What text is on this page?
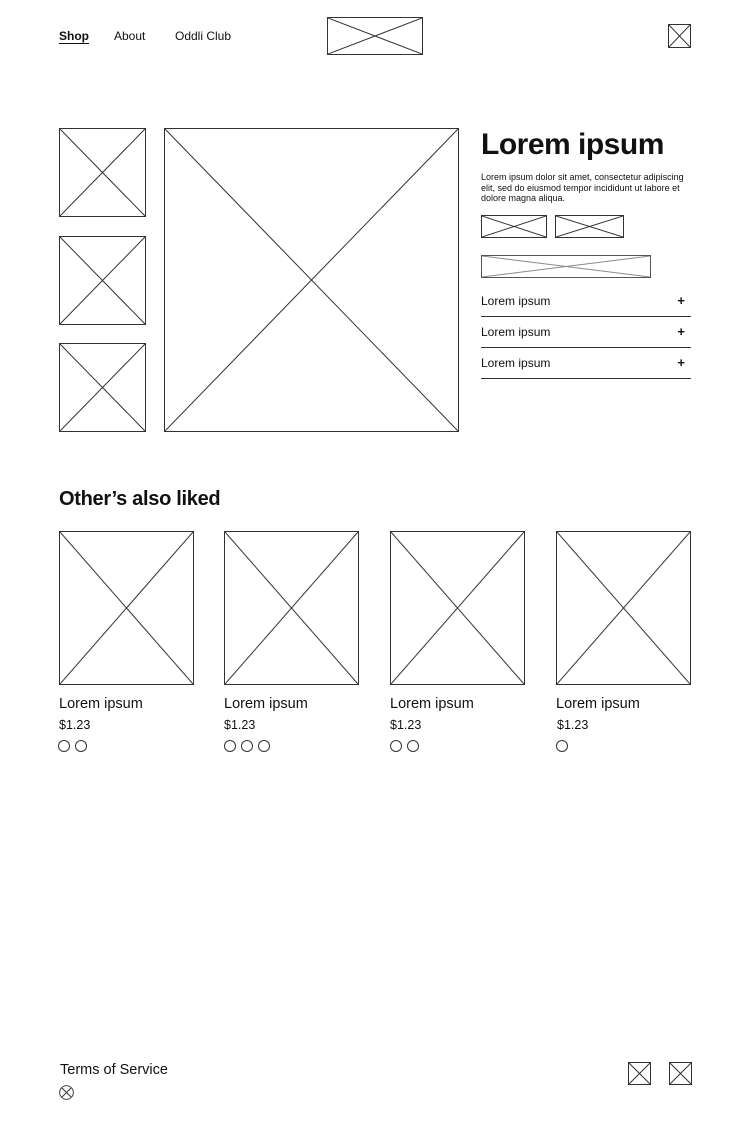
Shop About Oddli Club
Lorem ipsum

Lorem ipsum dolor sit amet, consectetur adipiscing elit, sed do eiusmod tempor incididunt ut labore et dolore magna aliqua.

Lorem ipsum	+
Lorem ipsum	+
Lorem ipsum	+
Other’s also liked
Lorem ipsum
$1.23
Lorem ipsum
$1.23
Lorem ipsum
$1.23
Lorem ipsum
$1.23
Terms of Service
